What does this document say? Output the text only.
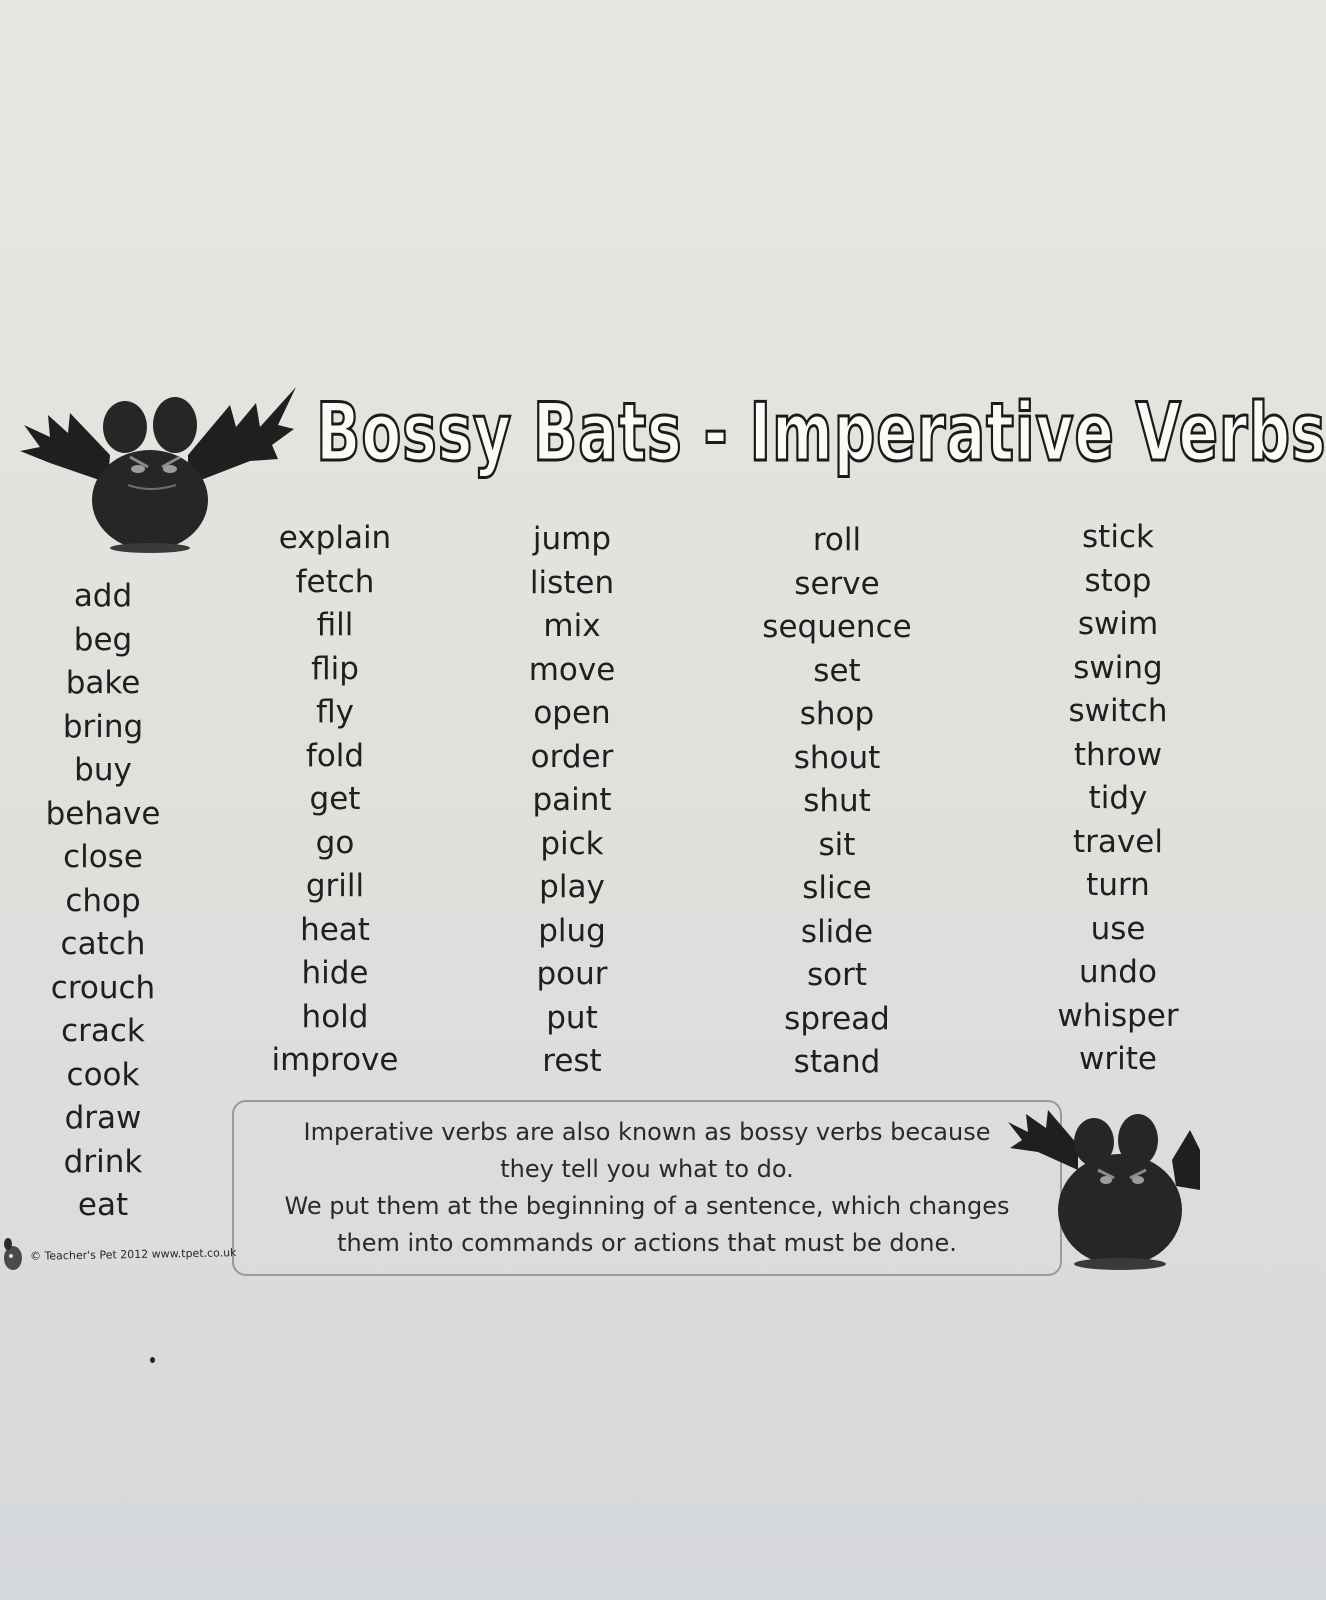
Bossy Bats - Imperative Verbs
add
beg
bake
bring
buy
behave
close
chop
catch
crouch
crack
cook
draw
drink
eat
explain
fetch
fill
flip
fly
fold
get
go
grill
heat
hide
hold
improve
jump
listen
mix
move
open
order
paint
pick
play
plug
pour
put
rest
roll
serve
sequence
set
shop
shout
shut
sit
slice
slide
sort
spread
stand
stick
stop
swim
swing
switch
throw
tidy
travel
turn
use
undo
whisper
write

Imperative verbs are also known as bossy verbs because

they tell you what to do.

We put them at the beginning of a sentence, which changes

them into commands or actions that must be done.

© Teacher's Pet 2012 www.tpet.co.uk
